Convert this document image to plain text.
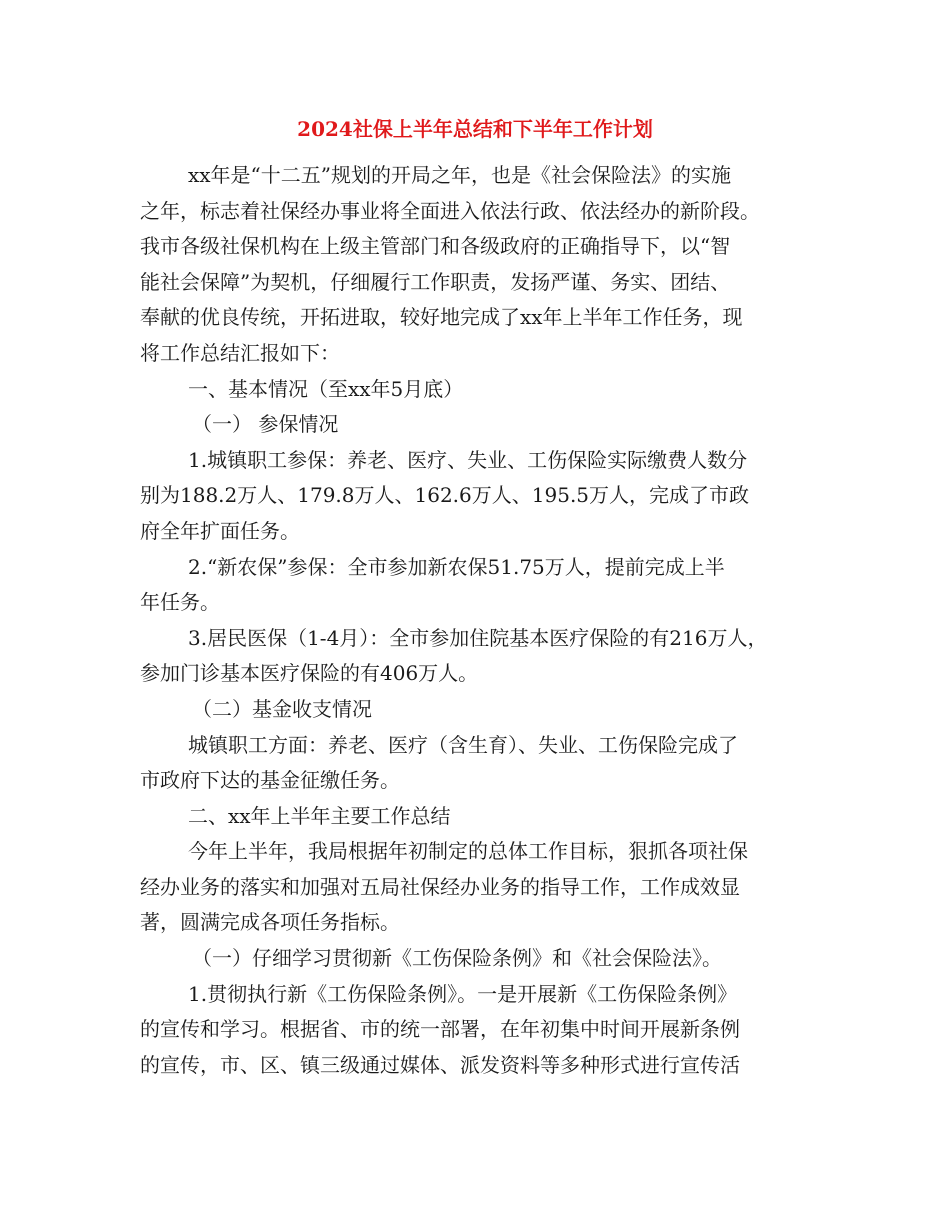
2024社保上半年总结和下半年工作计划
xx年是“十二五”规划的开局之年，也是《社会保险法》的实施
之年，标志着社保经办事业将全面进入依法行政、依法经办的新阶段。
我市各级社保机构在上级主管部门和各级政府的正确指导下，以“智
能社会保障”为契机，仔细履行工作职责，发扬严谨、务实、团结、
奉献的优良传统，开拓进取，较好地完成了xx年上半年工作任务，现
将工作总结汇报如下：
一、基本情况（至xx年5月底）
（一） 参保情况
1.城镇职工参保：养老、医疗、失业、工伤保险实际缴费人数分
别为188.2万人、179.8万人、162.6万人、195.5万人，完成了市政
府全年扩面任务。
2.“新农保”参保：全市参加新农保51.75万人，提前完成上半
年任务。
3.居民医保（1-4月）：全市参加住院基本医疗保险的有216万人，
参加门诊基本医疗保险的有406万人。
（二）基金收支情况
城镇职工方面：养老、医疗（含生育）、失业、工伤保险完成了
市政府下达的基金征缴任务。
二、xx年上半年主要工作总结
今年上半年，我局根据年初制定的总体工作目标，狠抓各项社保
经办业务的落实和加强对五局社保经办业务的指导工作，工作成效显
著，圆满完成各项任务指标。
（一）仔细学习贯彻新《工伤保险条例》和《社会保险法》。
1.贯彻执行新《工伤保险条例》。一是开展新《工伤保险条例》
的宣传和学习。根据省、市的统一部署，在年初集中时间开展新条例
的宣传，市、区、镇三级通过媒体、派发资料等多种形式进行宣传活
